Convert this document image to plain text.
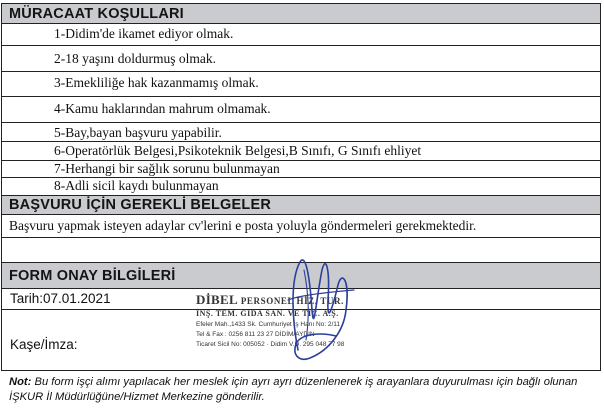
MÜRACAAT KOŞULLARI
1-Didim'de ikamet ediyor olmak.
2-18 yaşını doldurmuş olmak.
3-Emekliliğe hak kazanmamış olmak.
4-Kamu haklarından mahrum olmamak.
5-Bay,bayan başvuru yapabilir.
6-Operatörlük Belgesi,Psikoteknik Belgesi,B Sınıfı, G Sınıfı ehliyet
7-Herhangi bir sağlık sorunu bulunmayan
8-Adli sicil kaydı bulunmayan
BAŞVURU İÇİN GEREKLİ BELGELER
Başvuru yapmak isteyen adaylar cv'lerini e posta yoluyla göndermeleri gerekmektedir.
FORM ONAY BİLGİLERİ
Tarih:07.01.2021
Kaşe/İmza:
DİBEL PERSONEL HİZ. TUR.
İNŞ. TEM. GIDA SAN. VE TİC. A.Ş.
Efeler Mah.,1433 Sk. Cumhuriyet İş Hanı No: 2/11
Tel & Fax : 0256 811 23 27 DİDİM/AYDIN
Ticaret Sicil No: 005052 · Didim V.D. 295 048 77 98
Not: Bu form işçi alımı yapılacak her meslek için ayrı ayrı düzenlenerek iş arayanlara duyurulması için bağlı olunan İŞKUR İl Müdürlüğüne/Hizmet Merkezine gönderilir.
